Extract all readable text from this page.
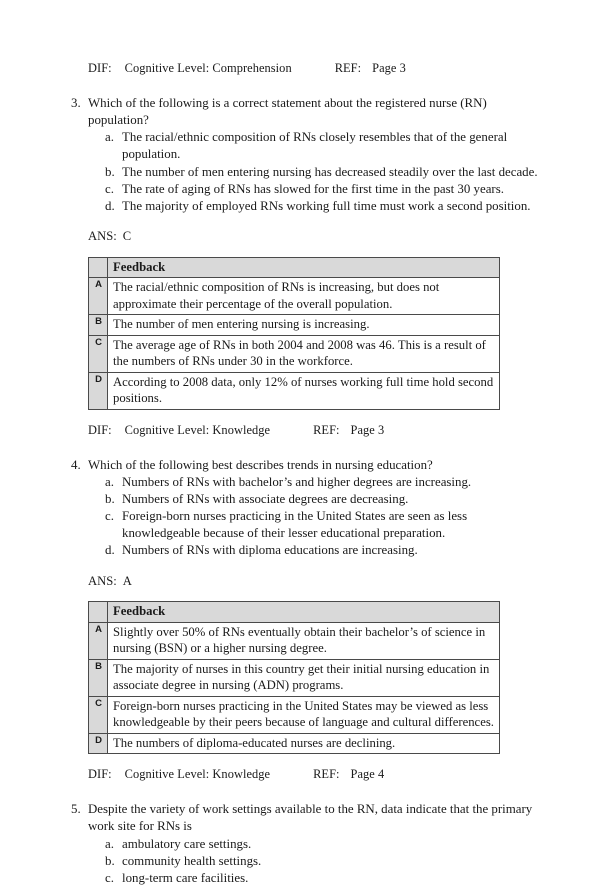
DIF: Cognitive Level: Comprehension	REF: Page 3
3. Which of the following is a correct statement about the registered nurse (RN) population?
a. The racial/ethnic composition of RNs closely resembles that of the general population.
b. The number of men entering nursing has decreased steadily over the last decade.
c. The rate of aging of RNs has slowed for the first time in the past 30 years.
d. The majority of employed RNs working full time must work a second position.
ANS: C
	Feedback
A	The racial/ethnic composition of RNs is increasing, but does not approximate their percentage of the overall population.
B	The number of men entering nursing is increasing.
C	The average age of RNs in both 2004 and 2008 was 46. This is a result of the numbers of RNs under 30 in the workforce.
D	According to 2008 data, only 12% of nurses working full time hold second positions.
DIF: Cognitive Level: Knowledge	REF: Page 3
4. Which of the following best describes trends in nursing education?
a. Numbers of RNs with bachelor’s and higher degrees are increasing.
b. Numbers of RNs with associate degrees are decreasing.
c. Foreign-born nurses practicing in the United States are seen as less knowledgeable because of their lesser educational preparation.
d. Numbers of RNs with diploma educations are increasing.
ANS: A
	Feedback
A	Slightly over 50% of RNs eventually obtain their bachelor’s of science in nursing (BSN) or a higher nursing degree.
B	The majority of nurses in this country get their initial nursing education in associate degree in nursing (ADN) programs.
C	Foreign-born nurses practicing in the United States may be viewed as less knowledgeable by their peers because of language and cultural differences.
D	The numbers of diploma-educated nurses are declining.
DIF: Cognitive Level: Knowledge	REF: Page 4
5. Despite the variety of work settings available to the RN, data indicate that the primary work site for RNs is
a. ambulatory care settings.
b. community health settings.
c. long-term care facilities.
